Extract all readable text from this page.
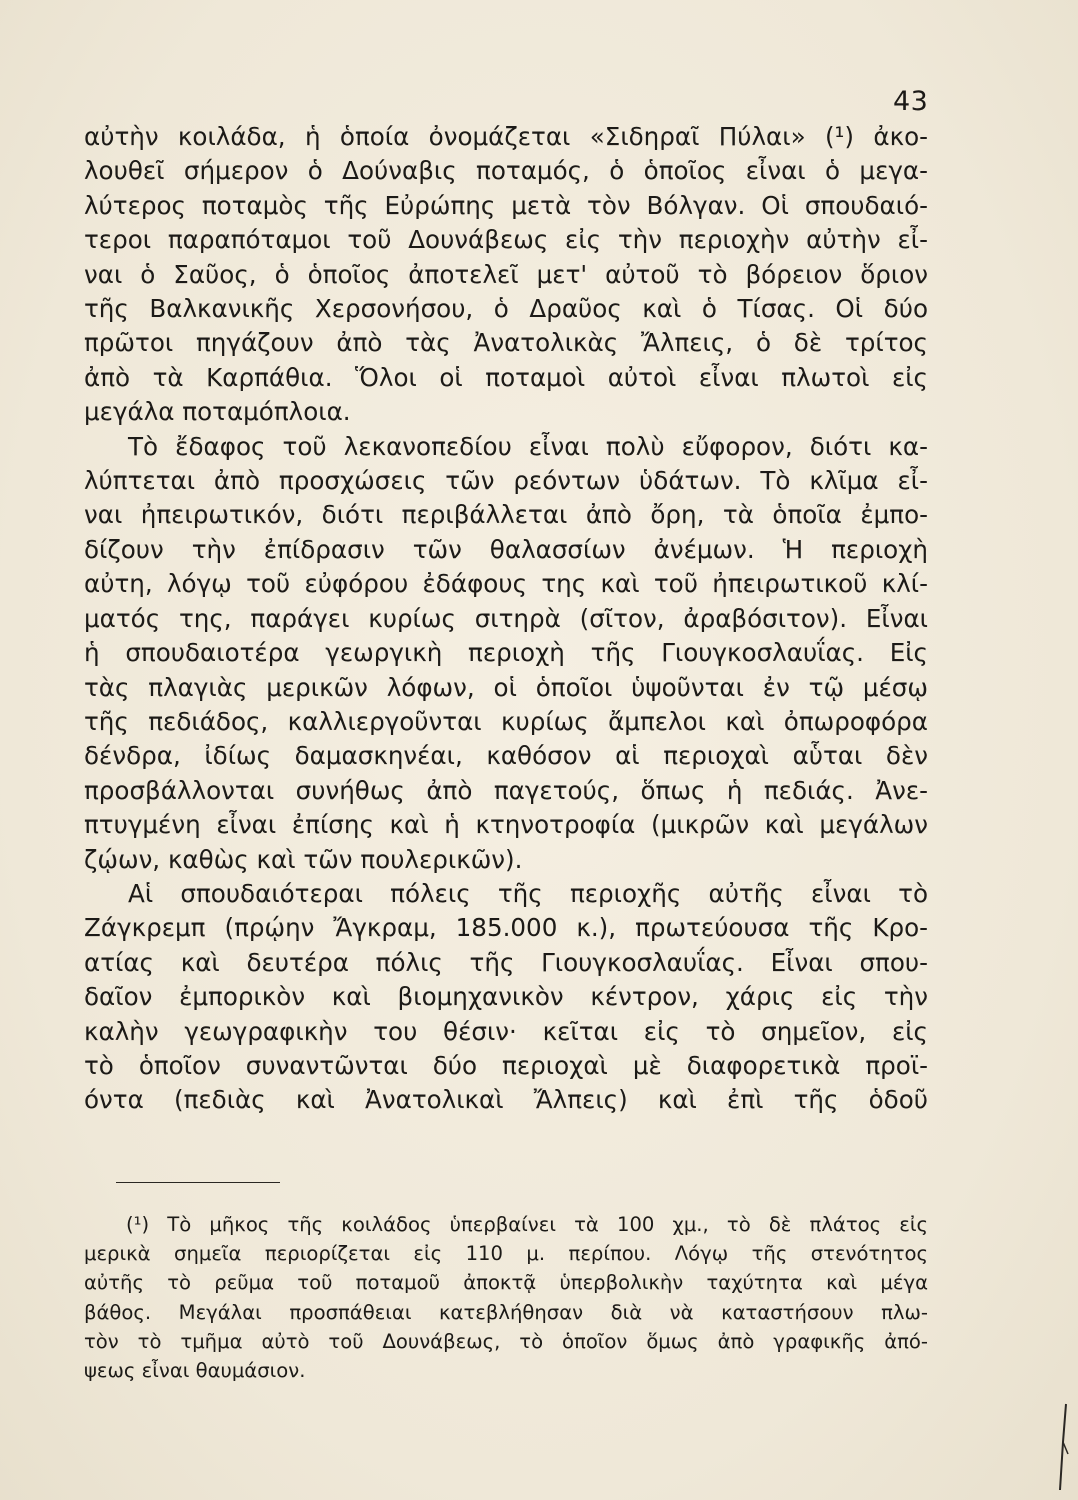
43
αὐτὴν κοιλάδα, ἡ ὁποία ὀνομάζεται «Σιδηραῖ Πύλαι» (¹) ἀκο-
λουθεῖ σήμερον ὁ Δούναβις ποταμός, ὁ ὁποῖος εἶναι ὁ μεγα-
λύτερος ποταμὸς τῆς Εὐρώπης μετὰ τὸν Βόλγαν. Οἱ σπουδαιό-
τεροι παραπόταμοι τοῦ Δουνάβεως εἰς τὴν περιοχὴν αὐτὴν εἶ-
ναι ὁ Σαῦος, ὁ ὁποῖος ἀποτελεῖ μετ' αὐτοῦ τὸ βόρειον ὅριον
τῆς Βαλκανικῆς Χερσονήσου, ὁ Δραῦος καὶ ὁ Τίσας. Οἱ δύο
πρῶτοι πηγάζουν ἀπὸ τὰς Ἀνατολικὰς Ἄλπεις, ὁ δὲ τρίτος
ἀπὸ τὰ Καρπάθια. Ὅλοι οἱ ποταμοὶ αὐτοὶ εἶναι πλωτοὶ εἰς
μεγάλα ποταμόπλοια.
Τὸ ἔδαφος τοῦ λεκανοπεδίου εἶναι πολὺ εὔφορον, διότι κα-
λύπτεται ἀπὸ προσχώσεις τῶν ρεόντων ὑδάτων. Τὸ κλῖμα εἶ-
ναι ἠπειρωτικόν, διότι περιβάλλεται ἀπὸ ὄρη, τὰ ὁποῖα ἐμπο-
δίζουν τὴν ἐπίδρασιν τῶν θαλασσίων ἀνέμων. Ἡ περιοχὴ
αὐτη, λόγῳ τοῦ εὐφόρου ἐδάφους της καὶ τοῦ ἠπειρωτικοῦ κλί-
ματός της, παράγει κυρίως σιτηρὰ (σῖτον, ἀραβόσιτον). Εἶναι
ἡ σπουδαιοτέρα γεωργικὴ περιοχὴ τῆς Γιουγκοσλαυΐας. Εἰς
τὰς πλαγιὰς μερικῶν λόφων, οἱ ὁποῖοι ὑψοῦνται ἐν τῷ μέσῳ
τῆς πεδιάδος, καλλιεργοῦνται κυρίως ἄμπελοι καὶ ὀπωροφόρα
δένδρα, ἰδίως δαμασκηνέαι, καθόσον αἱ περιοχαὶ αὗται δὲν
προσβάλλονται συνήθως ἀπὸ παγετούς, ὅπως ἡ πεδιάς. Ἀνε-
πτυγμένη εἶναι ἐπίσης καὶ ἡ κτηνοτροφία (μικρῶν καὶ μεγάλων
ζῴων, καθὼς καὶ τῶν πουλερικῶν).
Αἱ σπουδαιότεραι πόλεις τῆς περιοχῆς αὐτῆς εἶναι τὸ
Ζάγκρεμπ (πρῴην Ἄγκραμ, 185.000 κ.), πρωτεύουσα τῆς Κρο-
ατίας καὶ δευτέρα πόλις τῆς Γιουγκοσλαυΐας. Εἶναι σπου-
δαῖον ἐμπορικὸν καὶ βιομηχανικὸν κέντρον, χάρις εἰς τὴν
καλὴν γεωγραφικὴν του θέσιν· κεῖται εἰς τὸ σημεῖον, εἰς
τὸ ὁποῖον συναντῶνται δύο περιοχαὶ μὲ διαφορετικὰ προϊ-
όντα (πεδιὰς καὶ Ἀνατολικαὶ Ἄλπεις) καὶ ἐπὶ τῆς ὁδοῦ
(¹) Τὸ μῆκος τῆς κοιλάδος ὑπερβαίνει τὰ 100 χμ., τὸ δὲ πλάτος εἰς
μερικὰ σημεῖα περιορίζεται εἰς 110 μ. περίπου. Λόγῳ τῆς στενότητος
αὐτῆς τὸ ρεῦμα τοῦ ποταμοῦ ἀποκτᾷ ὑπερβολικὴν ταχύτητα καὶ μέγα
βάθος. Μεγάλαι προσπάθειαι κατεβλήθησαν διὰ νὰ καταστήσουν πλω-
τὸν τὸ τμῆμα αὐτὸ τοῦ Δουνάβεως, τὸ ὁποῖον ὅμως ἀπὸ γραφικῆς ἀπό-
ψεως εἶναι θαυμάσιον.
